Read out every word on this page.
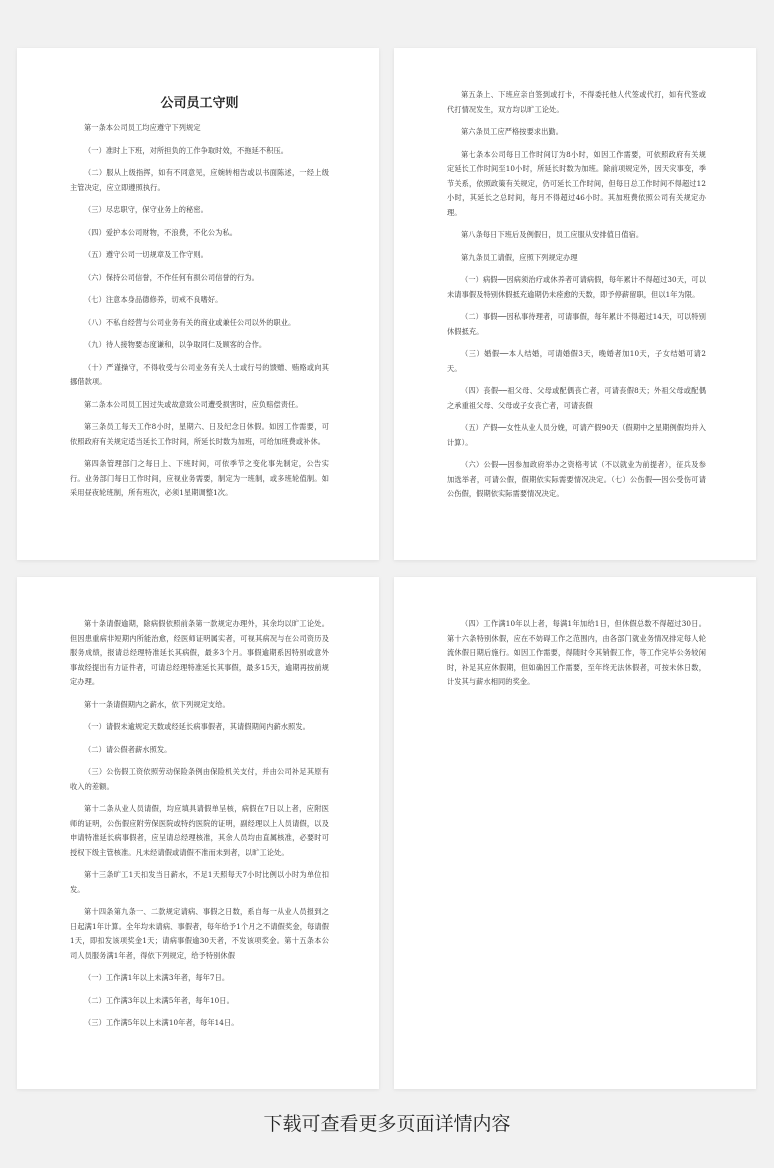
公司员工守则

第一条本公司员工均应遵守下列规定

（一）准时上下班，对所担负的工作争取时效，不拖延不积压。

（二）服从上级指挥，如有不同意见，应婉转相告或以书面陈述，一经上级主管决定，应立即遵照执行。

（三）尽忠职守，保守业务上的秘密。

（四）爱护本公司财物，不浪费，不化公为私。

（五）遵守公司一切规章及工作守则。

（六）保持公司信誉，不作任何有损公司信誉的行为。

（七）注意本身品德修养，切戒不良嗜好。

（八）不私自经营与公司业务有关的商业或兼任公司以外的职业。

（九）待人接物要态度谦和，以争取同仁及顾客的合作。

（十）严谨操守，不得收受与公司业务有关人士或行号的馈赠、贿赂或向其挪借款项。

第二条本公司员工因过失或故意致公司遭受损害时，应负赔偿责任。

第三条员工每天工作8小时，星期六、日及纪念日休假。如因工作需要，可依照政府有关规定适当延长工作时间，所延长时数为加班，可给加班费或补休。

第四条管理部门之每日上、下班时间，可依季节之变化事先制定，公告实行。业务部门每日工作时间，应视业务需要，制定为一班制，或多班轮值制。如采用昼夜轮班制，所有班次，必须1星期调整1次。

第五条上、下班应亲自签到或打卡，不得委托他人代签或代打，如有代签或代打情况发生，双方均以旷工论处。

第六条员工应严格按要求出勤。

第七条本公司每日工作时间订为8小时，如因工作需要，可依照政府有关规定延长工作时间至10小时，所延长时数为加班。除前项规定外，因天灾事变，季节关系，依照政策有关规定，仍可延长工作时间，但每日总工作时间不得超过12小时，其延长之总时间，每月不得超过46小时。其加班费依照公司有关规定办理。

第八条每日下班后及例假日，员工应服从安排值日值宿。

第九条员工请假，应照下列规定办理

（一）病假──因病须治疗或休养者可请病假，每年累计不得超过30天，可以未请事假及特别休假抵充逾期仍未痊愈的天数，即予停薪留职，但以1年为限。

（二）事假──因私事待理者，可请事假，每年累计不得超过14天，可以特别休假抵充。

（三）婚假──本人结婚，可请婚假3天，晚婚者加10天，子女结婚可请2天。

（四）丧假──祖父母、父母或配偶丧亡者，可请丧假8天；外祖父母或配偶之承重祖父母、父母或子女丧亡者，可请丧假

（五）产假──女性从业人员分娩，可请产假90天（假期中之星期例假均并入计算）。

（六）公假──因参加政府举办之资格考试（不以就业为前提者），征兵及参加选举者，可请公假，假期依实际需要情况决定。（七）公伤假──因公受伤可请公伤假，假期依实际需要情况决定。

第十条请假逾期，除病假依照前条第一款规定办理外，其余均以旷工论处。但因患重病非短期内所能治愈，经医师证明属实者，可视其病况与在公司资历及服务成绩，报请总经理特准延长其病假，最多3个月。事假逾期系因特别或意外事故经提出有力证件者，可请总经理特准延长其事假，最多15天，逾期再按前规定办理。

第十一条请假期内之薪水，依下列规定支给。

（一）请假未逾规定天数或经延长病事假者，其请假期间内薪水照发。

（二）请公假者薪水照发。

（三）公伤假工资依照劳动保险条例由保险机关支付，并由公司补足其原有收入的差额。

第十二条从业人员请假，均应填具请假单呈核，病假在7日以上者，应附医师的证明，公伤假应附劳保医院或特约医院的证明，副经理以上人员请假，以及申请特准延长病事假者，应呈请总经理核准，其余人员均由直属核准，必要时可授权下级主管核准。凡未经请假或请假不准而未到者，以旷工论处。

第十三条旷工1天扣发当日薪水，不足1天照每天7小时比例以小时为单位扣发。

第十四条第九条一、二款规定请病、事假之日数，系自每一从业人员报到之日起满1年计算。全年均未请病、事假者，每年给予1个月之不请假奖金，每请假1天，即扣发该项奖金1天；请病事假逾30天者，不发该项奖金。第十五条本公司人员服务满1年者，得依下列规定，给予特别休假

（一）工作满1年以上未满3年者，每年7日。

（二）工作满3年以上未满5年者，每年10日。

（三）工作满5年以上未满10年者，每年14日。

（四）工作满10年以上者，每满1年加给1日，但休假总数不得超过30日。第十六条特别休假，应在不妨碍工作之范围内，由各部门就业务情况排定每人轮流休假日期后施行。如因工作需要，得随时令其销假工作，等工作完毕公务较闲时，补足其应休假期，但如确因工作需要，至年终无法休假者，可按未休日数，计发其与薪水相同的奖金。

下载可查看更多页面详情内容
